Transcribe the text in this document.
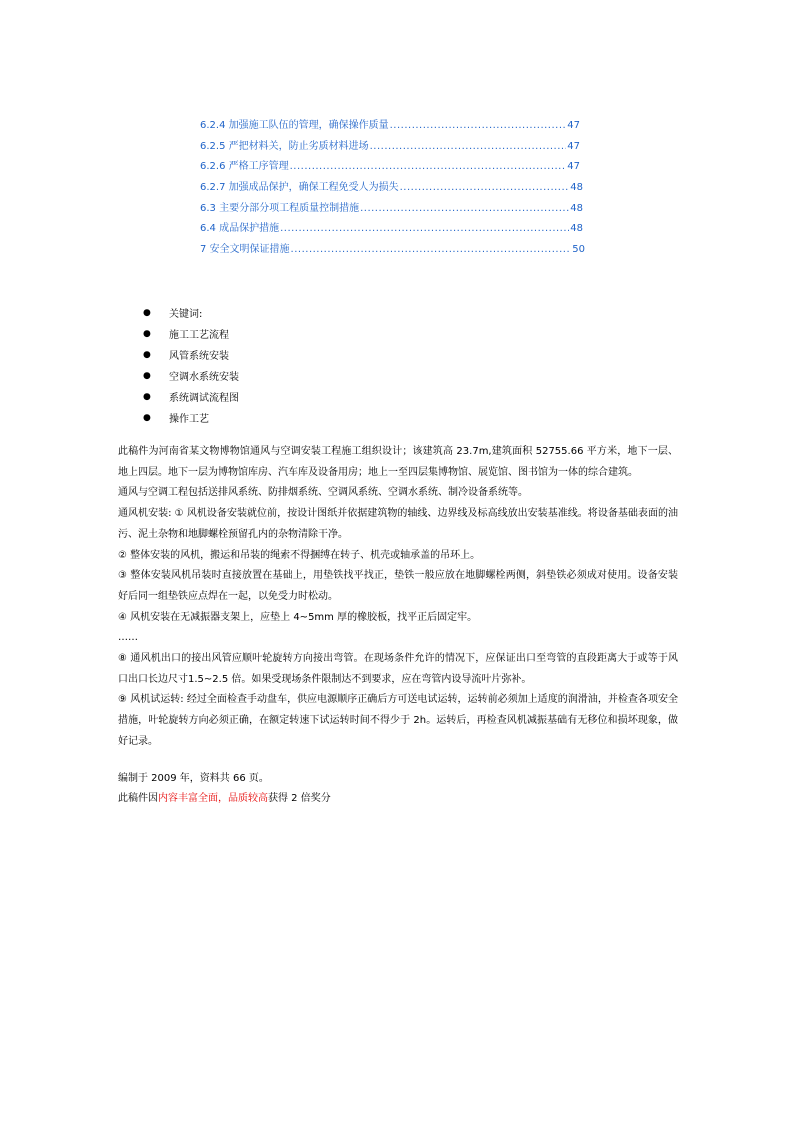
6.2.4 加强施工队伍的管理，确保操作质量 .....	47
6.2.5 严把材料关，防止劣质材料进场 .....	47
6.2.6 严格工序管理 .....	47
6.2.7 加强成品保护，确保工程免受人为损失 .....	48
6.3 主要分部分项工程质量控制措施 .....	48
6.4 成品保护措施 .....	48
7 安全文明保证措施 .....	50
●	关键词:
●	施工工艺流程
●	风管系统安装
●	空调水系统安装
●	系统调试流程图
●	操作工艺

此稿件为河南省某文物博物馆通风与空调安装工程施工组织设计；该建筑高 23.7m,建筑面积 52755.66 平方米，地下一层、地上四层。地下一层为博物馆库房、汽车库及设备用房；地上一至四层集博物馆、展览馆、图书馆为一体的综合建筑。

通风与空调工程包括送排风系统、防排烟系统、空调风系统、空调水系统、制冷设备系统等。

通风机安装: ① 风机设备安装就位前，按设计图纸并依据建筑物的轴线、边界线及标高线放出安装基准线。将设备基础表面的油污、泥土杂物和地脚螺栓预留孔内的杂物清除干净。

② 整体安装的风机，搬运和吊装的绳索不得捆缚在转子、机壳或轴承盖的吊环上。

③ 整体安装风机吊装时直接放置在基础上，用垫铁找平找正，垫铁一般应放在地脚螺栓两侧，斜垫铁必须成对使用。设备安装好后同一组垫铁应点焊在一起，以免受力时松动。

④ 风机安装在无减振器支架上，应垫上 4~5mm 厚的橡胶板，找平正后固定牢。

……

⑧ 通风机出口的接出风管应顺叶轮旋转方向接出弯管。在现场条件允许的情况下，应保证出口至弯管的直段距离大于或等于风口出口长边尺寸1.5~2.5 倍。如果受现场条件限制达不到要求，应在弯管内设导流叶片弥补。

⑨ 风机试运转: 经过全面检查手动盘车，供应电源顺序正确后方可送电试运转，运转前必须加上适度的润滑油，并检查各项安全措施，叶轮旋转方向必须正确，在额定转速下试运转时间不得少于 2h。运转后，再检查风机减振基础有无移位和损坏现象，做好记录。

编制于 2009 年，资料共 66 页。

此稿件因内容丰富全面，品质较高获得 2 倍奖分
